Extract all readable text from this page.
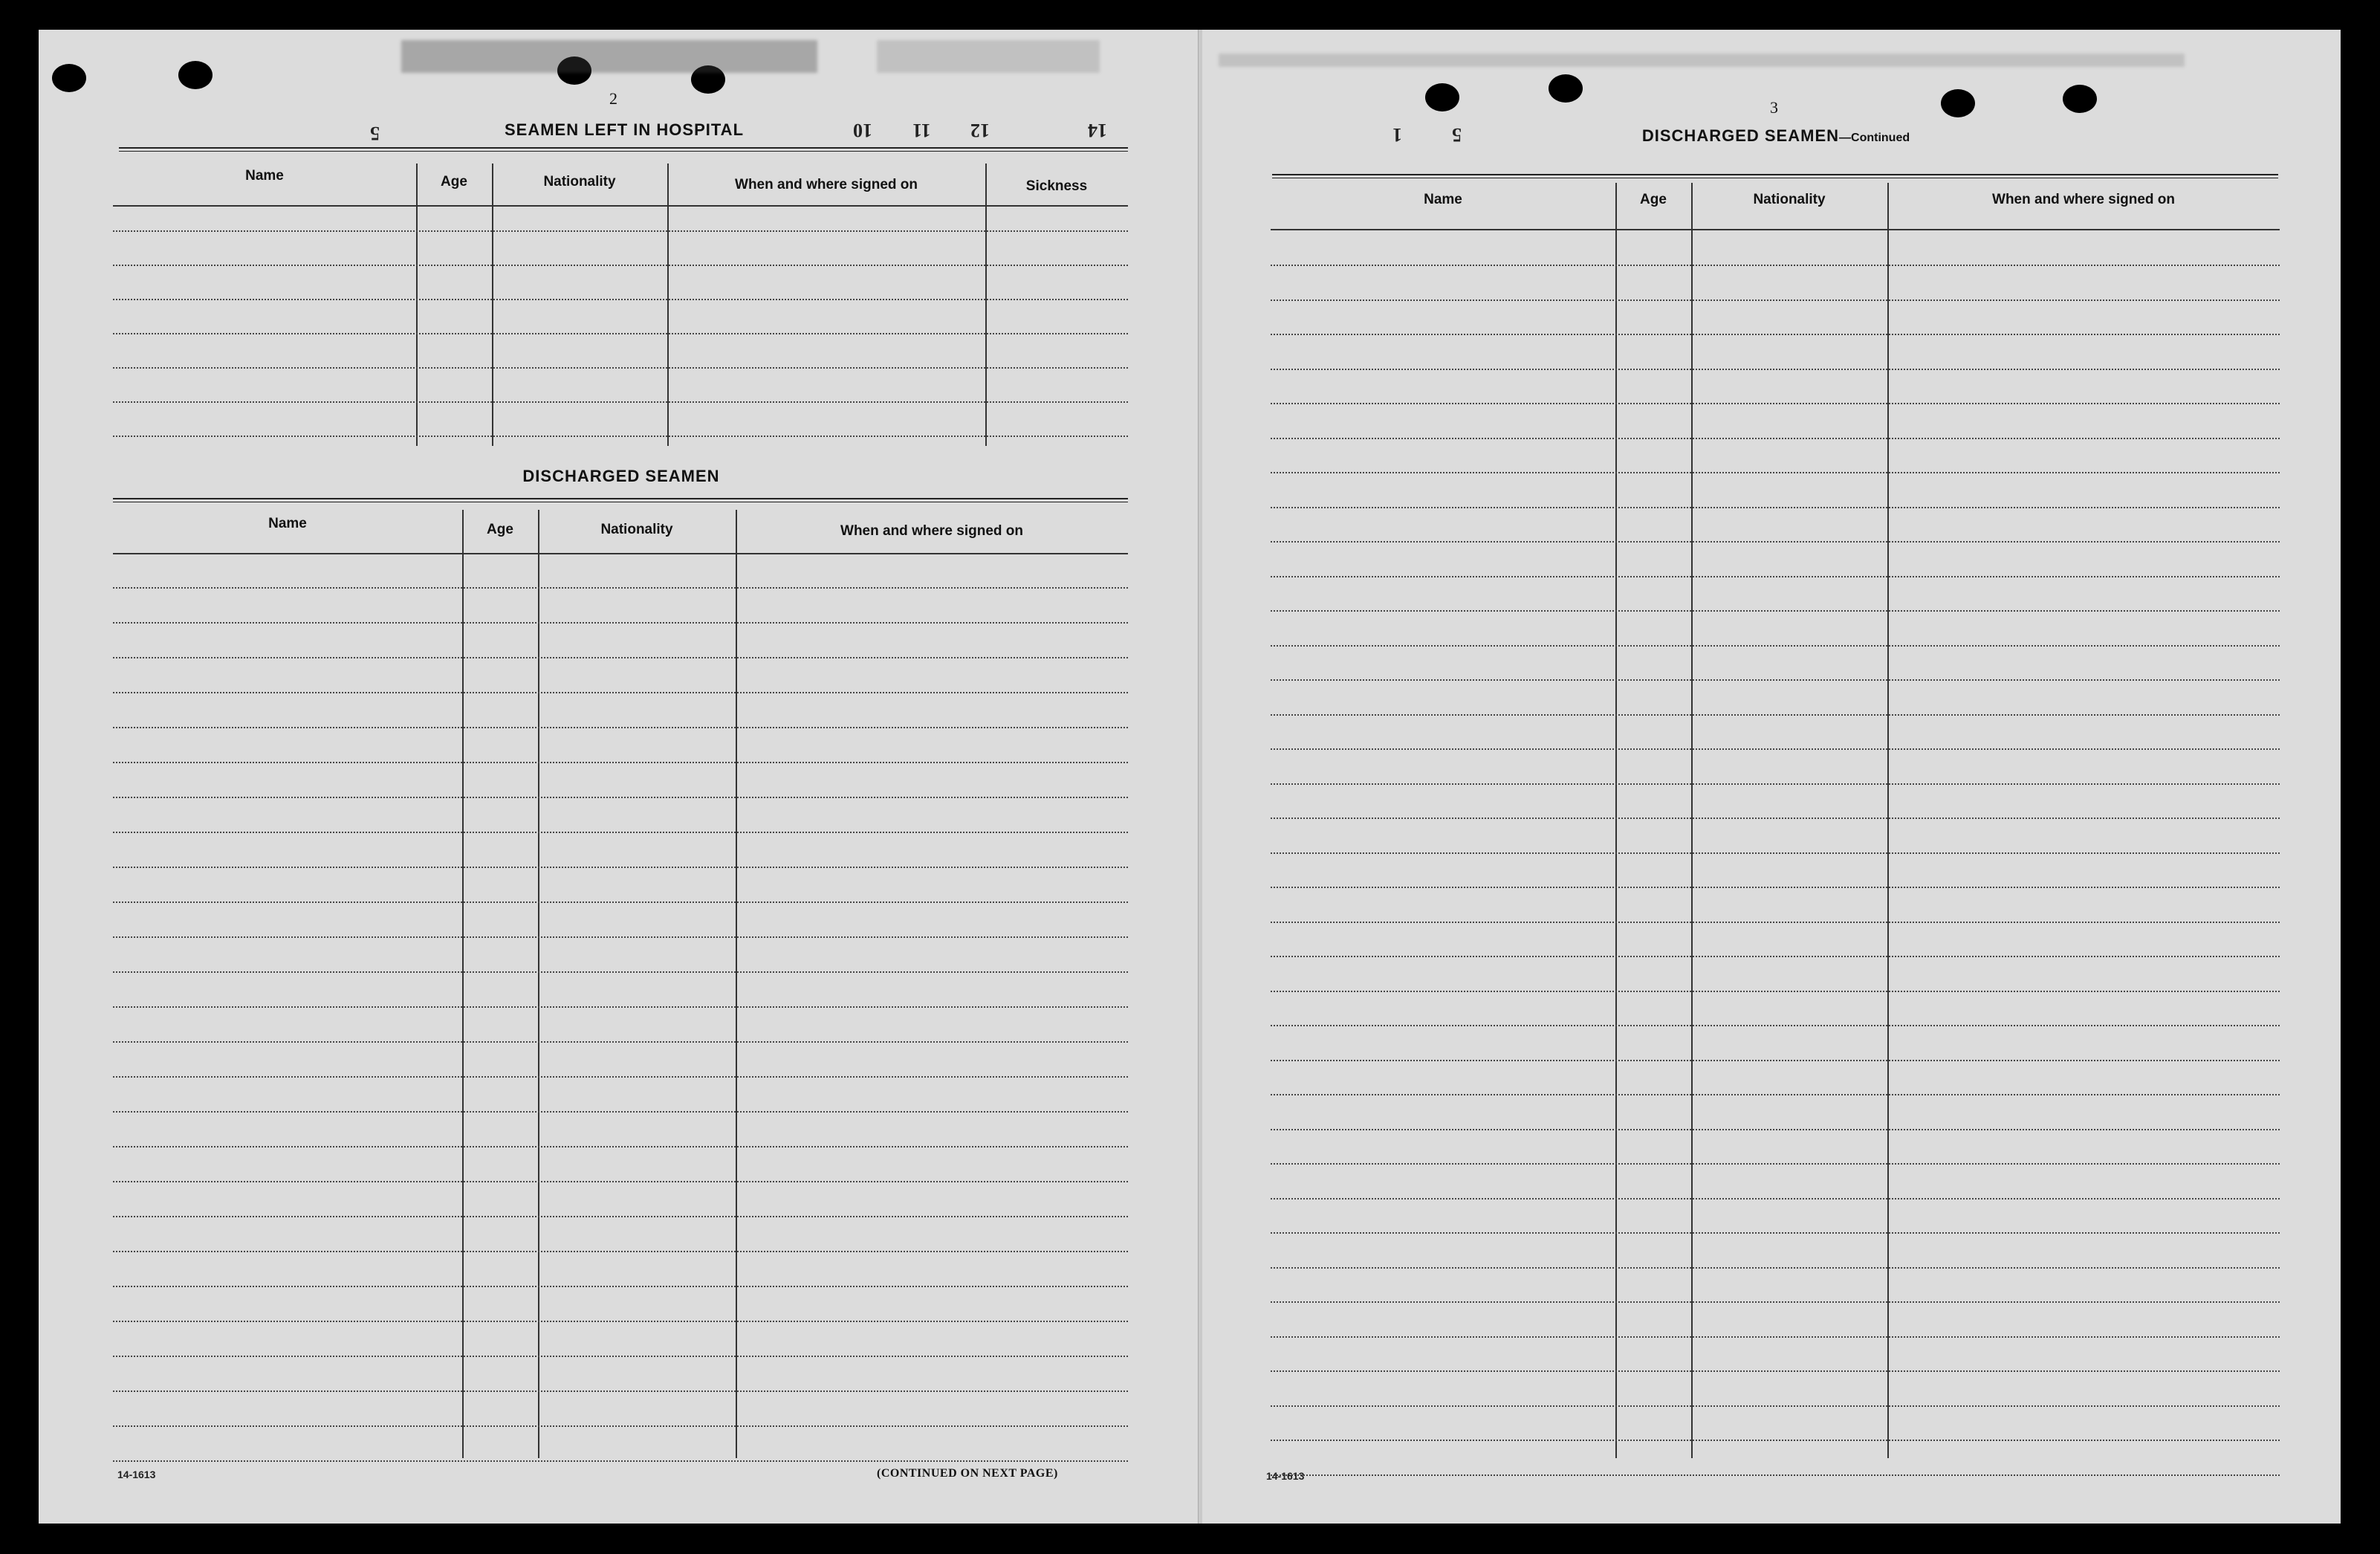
5	10 11 12	14	1	5
2	3
SEAMEN LEFT IN HOSPITAL
Name	Age	Nationality	When and where signed on	Sickness
DISCHARGED SEAMEN
Name	Age	Nationality	When and where signed on
14-1613	(CONTINUED ON NEXT PAGE)
DISCHARGED SEAMEN—Continued
Name	Age	Nationality	When and where signed on
14-1613
